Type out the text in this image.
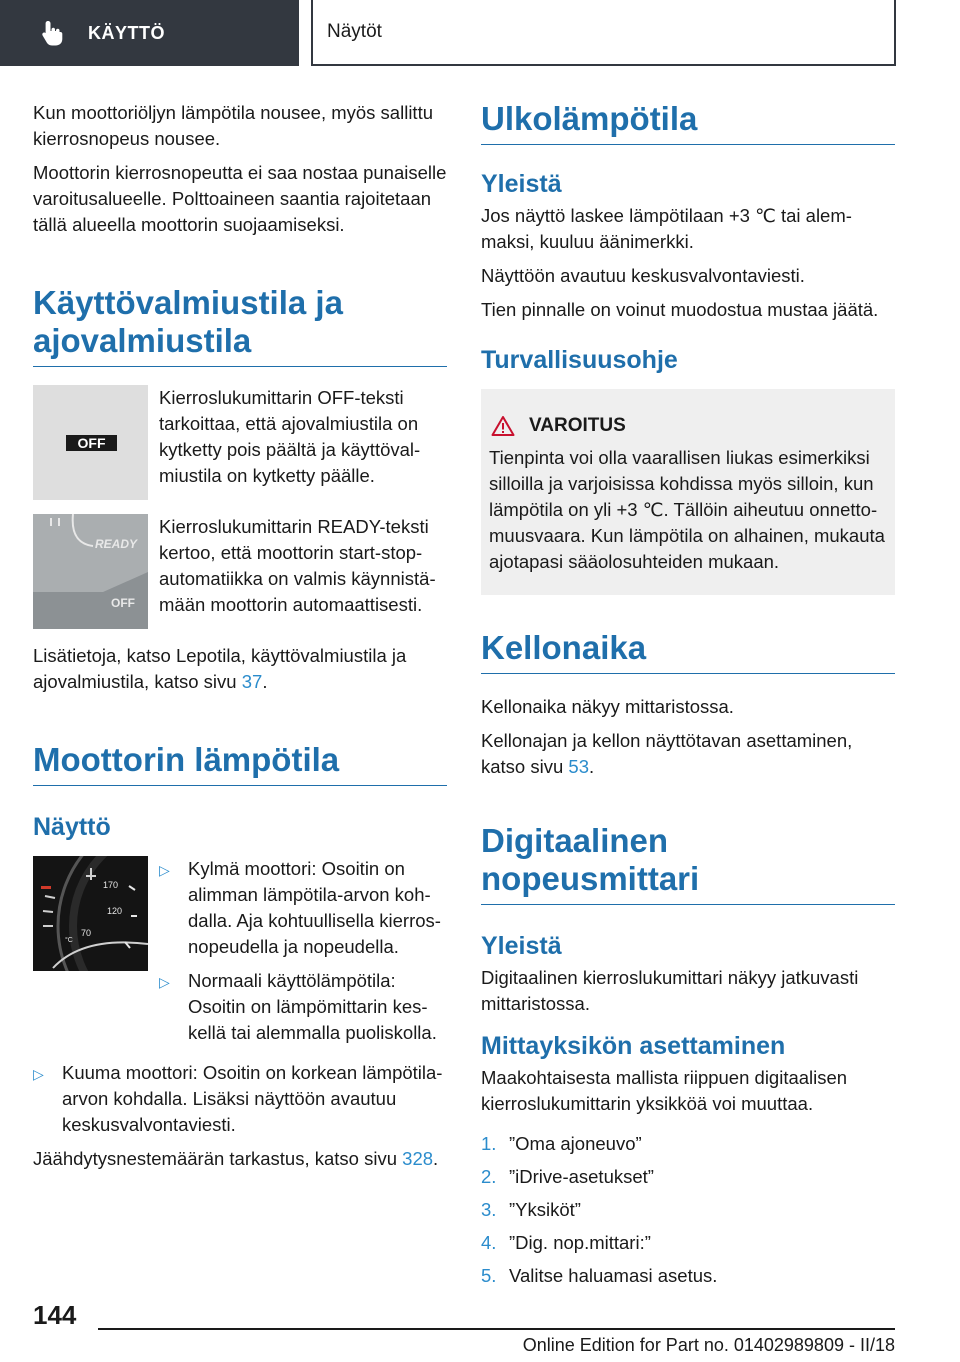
KÄYTTÖ	Näytöt

Kun moottoriöljyn lämpötila nousee, myös sallittu kierrosnopeus nousee.

Moottorin kierrosnopeutta ei saa nostaa punaiselle varoitusalueelle. Polttoaineen saantia rajoitetaan tällä alueella moottorin suojaamiseksi.

Käyttövalmiustila ja ajovalmiustila
OFF

Kierroslukumittarin OFF-teksti tarkoittaa, että ajovalmiustila on kytketty pois päältä ja käyttövalmiustila on kytketty päälle.

READY
OFF

Kierroslukumittarin READY-teksti kertoo, että moottorin start-stop-automatiikka on valmis käynnistämään moottorin automaattisesti.

Lisätietoja, katso Lepotila, käyttövalmiustila ja ajovalmiustila, katso sivu 37.

Moottorin lämpötila
Näyttö
170
120
70
°C
▷ Kylmä moottori: Osoitin on alimman lämpötila-arvon kohdalla. Aja kohtuullisella kierrosnopeudella ja nopeudella.
▷ Normaali käyttölämpötila: Osoitin on lämpömittarin keskellä tai alemmalla puoliskolla.
▷ Kuuma moottori: Osoitin on korkean lämpötila-arvon kohdalla. Lisäksi näyttöön avautuu keskusvalvontaviesti.

Jäähdytysnestemäärän tarkastus, katso sivu 328.

Ulkolämpötila
Yleistä

Jos näyttö laskee lämpötilaan +3 ℃ tai alemmaksi, kuuluu äänimerkki.

Näyttöön avautuu keskusvalvontaviesti.

Tien pinnalle on voinut muodostua mustaa jäätä.

Turvallisuusohje
VAROITUS

Tienpinta voi olla vaarallisen liukas esimerkiksi silloilla ja varjoisissa kohdissa myös silloin, kun lämpötila on yli +3 ℃. Tällöin aiheutuu onnettomuusvaara. Kun lämpötila on alhainen, mukauta ajotapasi sääolosuhteiden mukaan.

Kellonaika

Kellonaika näkyy mittaristossa.

Kellonajan ja kellon näyttötavan asettaminen, katso sivu 53.

Digitaalinen nopeusmittari
Yleistä

Digitaalinen kierroslukumittari näkyy jatkuvasti mittaristossa.

Mittayksikön asettaminen

Maakohtaisesta mallista riippuen digitaalisen kierroslukumittarin yksikköä voi muuttaa.

1. ”Oma ajoneuvo”
2. ”iDrive-asetukset”
3. ”Yksiköt”
4. ”Dig. nop.mittari:”
5. Valitse haluamasi asetus.
144
Online Edition for Part no. 01402989809 - II/18
